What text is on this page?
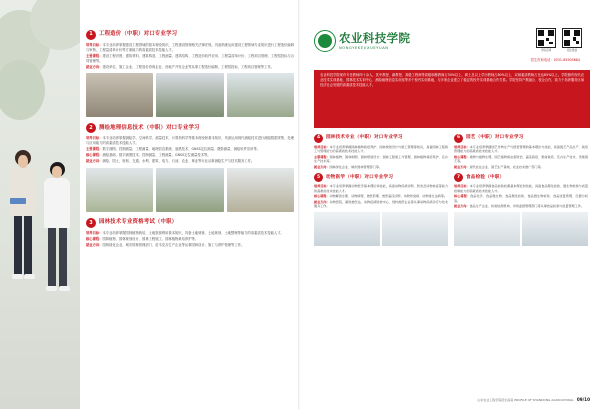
1	工程造价（中职）对口专业学习

培养目标：本专业培养掌握建设工程领域的基本理论知识，工程建设管理相关法律法规，具备熟练运用建设工程领域专业知识进行工程造价编制与审核、工程量清单计价等方面能力的高素质技术技能人才。

主要课程：建设工程识图、建筑材料、建筑构造、工程测量、建筑结构、工程造价软件应用、工程量清单计价、工程项目管理、工程招投标与合同管理等。

就业方向：建设单位、施工企业、工程造价咨询企业、房地产开发企业等从事工程造价编制、工程招投标、工程项目管理等工作。

2	测绘地理信息技术（中职）对口专业学习

培养目标：本专业培养掌握测绘学、空间科学、测量技术、计算机科学等基本理论和基本知识，具备运用现代测绘技术进行测绘数据采集、处理与应用能力的高素质技术技能人才。

主要课程：数字测图、控制测量、工程测量、地理信息系统、遥感技术、GNSS定位测量、摄影测量、测绘软件应用等。

核心课程：测绘基础、数字测图技术、控制测量、工程测量、GNSS定位测量技术等。

就业方向：测绘、国土、规划、交通、水利、建筑、电力、石油、农业、林业等行业从事测绘生产与技术服务工作。

3	园林技术专业资格考试（中职）

培养目标：本专业培养掌握园林植物栽培、土地资源利用基本知识，具备土地调查、土地规划、土地整理等能力的高素质技术技能人才。

核心课程：园林植物、园林规划设计、园林工程施工、园林植物栽培养护等。

就业方向：园林绿化企业、城市园林管理部门、苗木花卉生产企业等从事园林设计、施工与养护管理等工作。

农业科技学院
NONGYEKEJIXUEYUAN
学院官网	招生微信
招生咨询电话：0531-85905684
农业科技学院现有专任教师四十余人，其中教授、副教授、高级工程师等高级职称教师占30%以上，硕士及以上学历教师占80%以上，双师素质教师占比达85%以上。学院拥有现代农业技术实训基地、园林技术实训中心、测绘地理信息实训室等多个校内实训基地，与多家企业建立了稳定的校外实训基地合作关系。学院坚持产教融合、校企合作，致力于培养服务区域经济社会发展的高素质技术技能人才。
4	园林技术专业（中职）对口专业学习

培养目标：本专业培养掌握园林植物栽培养护、园林规划设计与施工管理等知识，具备园林工程施工与管理能力的高素质技术技能人才。

主要课程：园林植物、园林制图、园林规划设计、园林工程施工与管理、园林植物栽培养护、花卉生产技术等。

就业方向：园林绿化企业、城市园林管理部门等。

5	动物医学（中职）对口专业学习

培养目标：本专业培养掌握动物医学基本理论和技能，具备动物疾病诊断、防治及动物检疫等能力的高素质技术技能人才。

核心课程：动物解剖生理、动物病理、兽医药理、兽医临床诊断、动物传染病、动物寄生虫病等。

就业方向：动物医院、畜牧兽医站、动物疫病防控中心、饲料兽药企业等从事动物疾病诊疗与技术服务工作。

6	园艺（中职）对口专业学习

培养目标：本专业培养掌握园艺作物生产与经营管理的基本理论与技能，具备园艺产品生产、栽培管理能力的高素质技术技能人才。

核心课程：植物与植物生理、园艺植物病虫害防治、蔬菜栽培、果树栽培、花卉生产技术、设施园艺等。

就业方向：现代农业企业、园艺生产基地、农业技术推广部门等。

7	食品检验（中职）

培养目标：本专业培养掌握食品检验检测基本理论和技能，具备食品理化检验、微生物检验与质量控制能力的高素质技术技能人才。

核心课程：食品化学、食品微生物、食品理化检验、食品微生物检验、食品质量管理、仪器分析等。

就业方向：食品生产企业、检验检测机构、市场监督管理部门等从事食品检验与质量管理工作。

山东农业工程学院招生指南 PROFILE OF SHANDONG AGRICULTURAL 09/10
